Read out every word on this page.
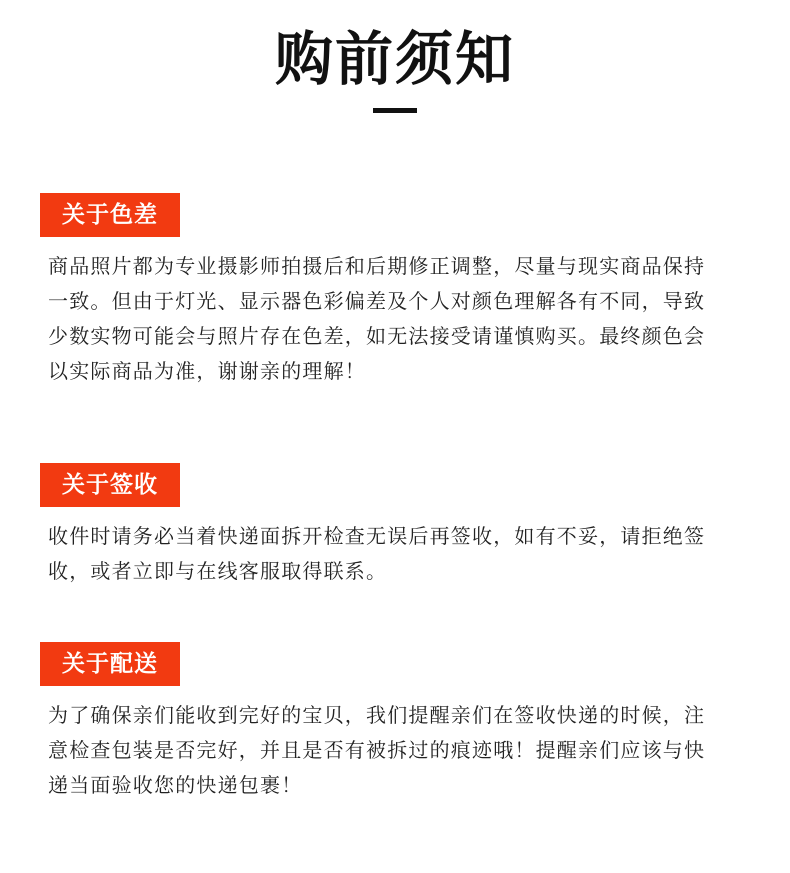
购前须知
关于色差
商品照片都为专业摄影师拍摄后和后期修正调整，尽量与现实商品保持
一致。但由于灯光、显示器色彩偏差及个人对颜色理解各有不同，导致
少数实物可能会与照片存在色差，如无法接受请谨慎购买。最终颜色会
以实际商品为准，谢谢亲的理解！
关于签收
收件时请务必当着快递面拆开检查无误后再签收，如有不妥，请拒绝签
收，或者立即与在线客服取得联系。
关于配送
为了确保亲们能收到完好的宝贝，我们提醒亲们在签收快递的时候，注
意检查包装是否完好，并且是否有被拆过的痕迹哦！提醒亲们应该与快
递当面验收您的快递包裹！
